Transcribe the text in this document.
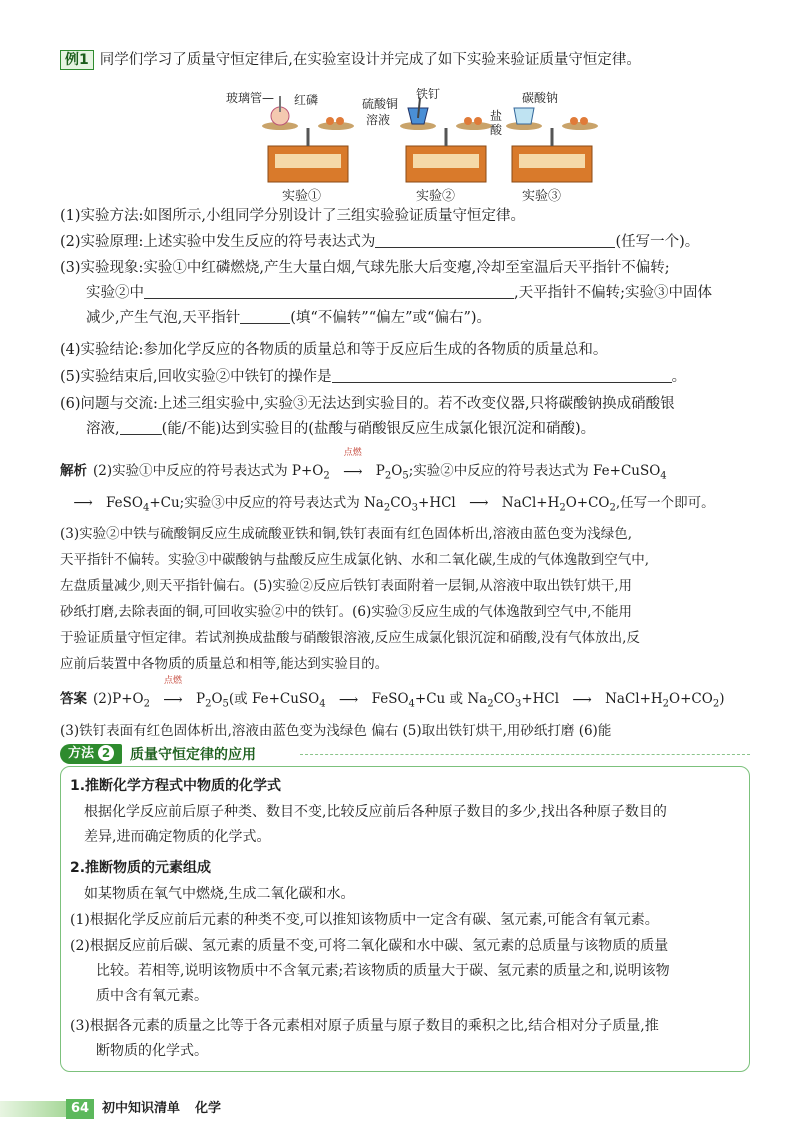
例1 同学们学习了质量守恒定律后,在实验室设计并完成了如下实验来验证质量守恒定律。
玻璃管— 红磷	硫酸铜
溶液
铁钉	碳酸钠
盐
酸
实验①	实验②	实验③
(1)实验方法:如图所示,小组同学分别设计了三组实验验证质量守恒定律。
(2)实验原理:上述实验中发生反应的符号表达式为	(任写一个)。
(3)实验现象:实验①中红磷燃烧,产生大量白烟,气球先胀大后变瘪,冷却至室温后天平指针不偏转;
实验②中	,天平指针不偏转;实验③中固体
减少,产生气泡,天平指针	(填“不偏转”“偏左”或“偏右”)。
(4)实验结论:参加化学反应的各物质的质量总和等于反应后生成的各物质的质量总和。
(5)实验结束后,回收实验②中铁钉的操作是	。
(6)问题与交流:上述三组实验中,实验③无法达到实验目的。若不改变仪器,只将碳酸钠换成硝酸银
溶液,	(能/不能)达到实验目的(盐酸与硝酸银反应生成氯化银沉淀和硝酸)。
解析 (2)实验①中反应的符号表达式为 $P+O_2$
点燃
⟶ $P_2O_5$;实验②中反应的符号表达式为 Fe+CuSO$_4$
⟶ FeSO$_4$+Cu;实验③中反应的符号表达式为 $Na_2CO_3+HCl$ ⟶ $NaCl+H_2O+CO_2$,任写一个即可。
(3)实验②中铁与硫酸铜反应生成硫酸亚铁和铜,铁钉表面有红色固体析出,溶液由蓝色变为浅绿色,
天平指针不偏转。实验③中碳酸钠与盐酸反应生成氯化钠、水和二氧化碳,生成的气体逸散到空气中,
左盘质量减少,则天平指针偏右。(5)实验②反应后铁钉表面附着一层铜,从溶液中取出铁钉烘干,用
砂纸打磨,去除表面的铜,可回收实验②中的铁钉。(6)实验③反应生成的气体逸散到空气中,不能用
于验证质量守恒定律。若试剂换成盐酸与硝酸银溶液,反应生成氯化银沉淀和硝酸,没有气体放出,反
应前后装置中各物质的质量总和相等,能达到实验目的。
答案 $(2)P+O_2$
点燃
⟶ $P_2O_5$(或 Fe+CuSO$_4$ ⟶ FeSO$_4$+Cu 或 $Na_2CO_3+HCl$ ⟶ $NaCl+H_2O+CO_2$)
(3)铁钉表面有红色固体析出,溶液由蓝色变为浅绿色 偏右 (5)取出铁钉烘干,用砂纸打磨 (6)能
方法 2	质量守恒定律的应用
1.推断化学方程式中物质的化学式
根据化学反应前后原子种类、数目不变,比较反应前后各种原子数目的多少,找出各种原子数目的
差异,进而确定物质的化学式。
2.推断物质的元素组成
如某物质在氧气中燃烧,生成二氧化碳和水。
(1)根据化学反应前后元素的种类不变,可以推知该物质中一定含有碳、氢元素,可能含有氧元素。
(2)根据反应前后碳、氢元素的质量不变,可将二氧化碳和水中碳、氢元素的总质量与该物质的质量
比较。若相等,说明该物质中不含氧元素;若该物质的质量大于碳、氢元素的质量之和,说明该物
质中含有氧元素。
(3)根据各元素的质量之比等于各元素相对原子质量与原子数目的乘积之比,结合相对分子质量,推
断物质的化学式。
64 初中知识清单 化学
